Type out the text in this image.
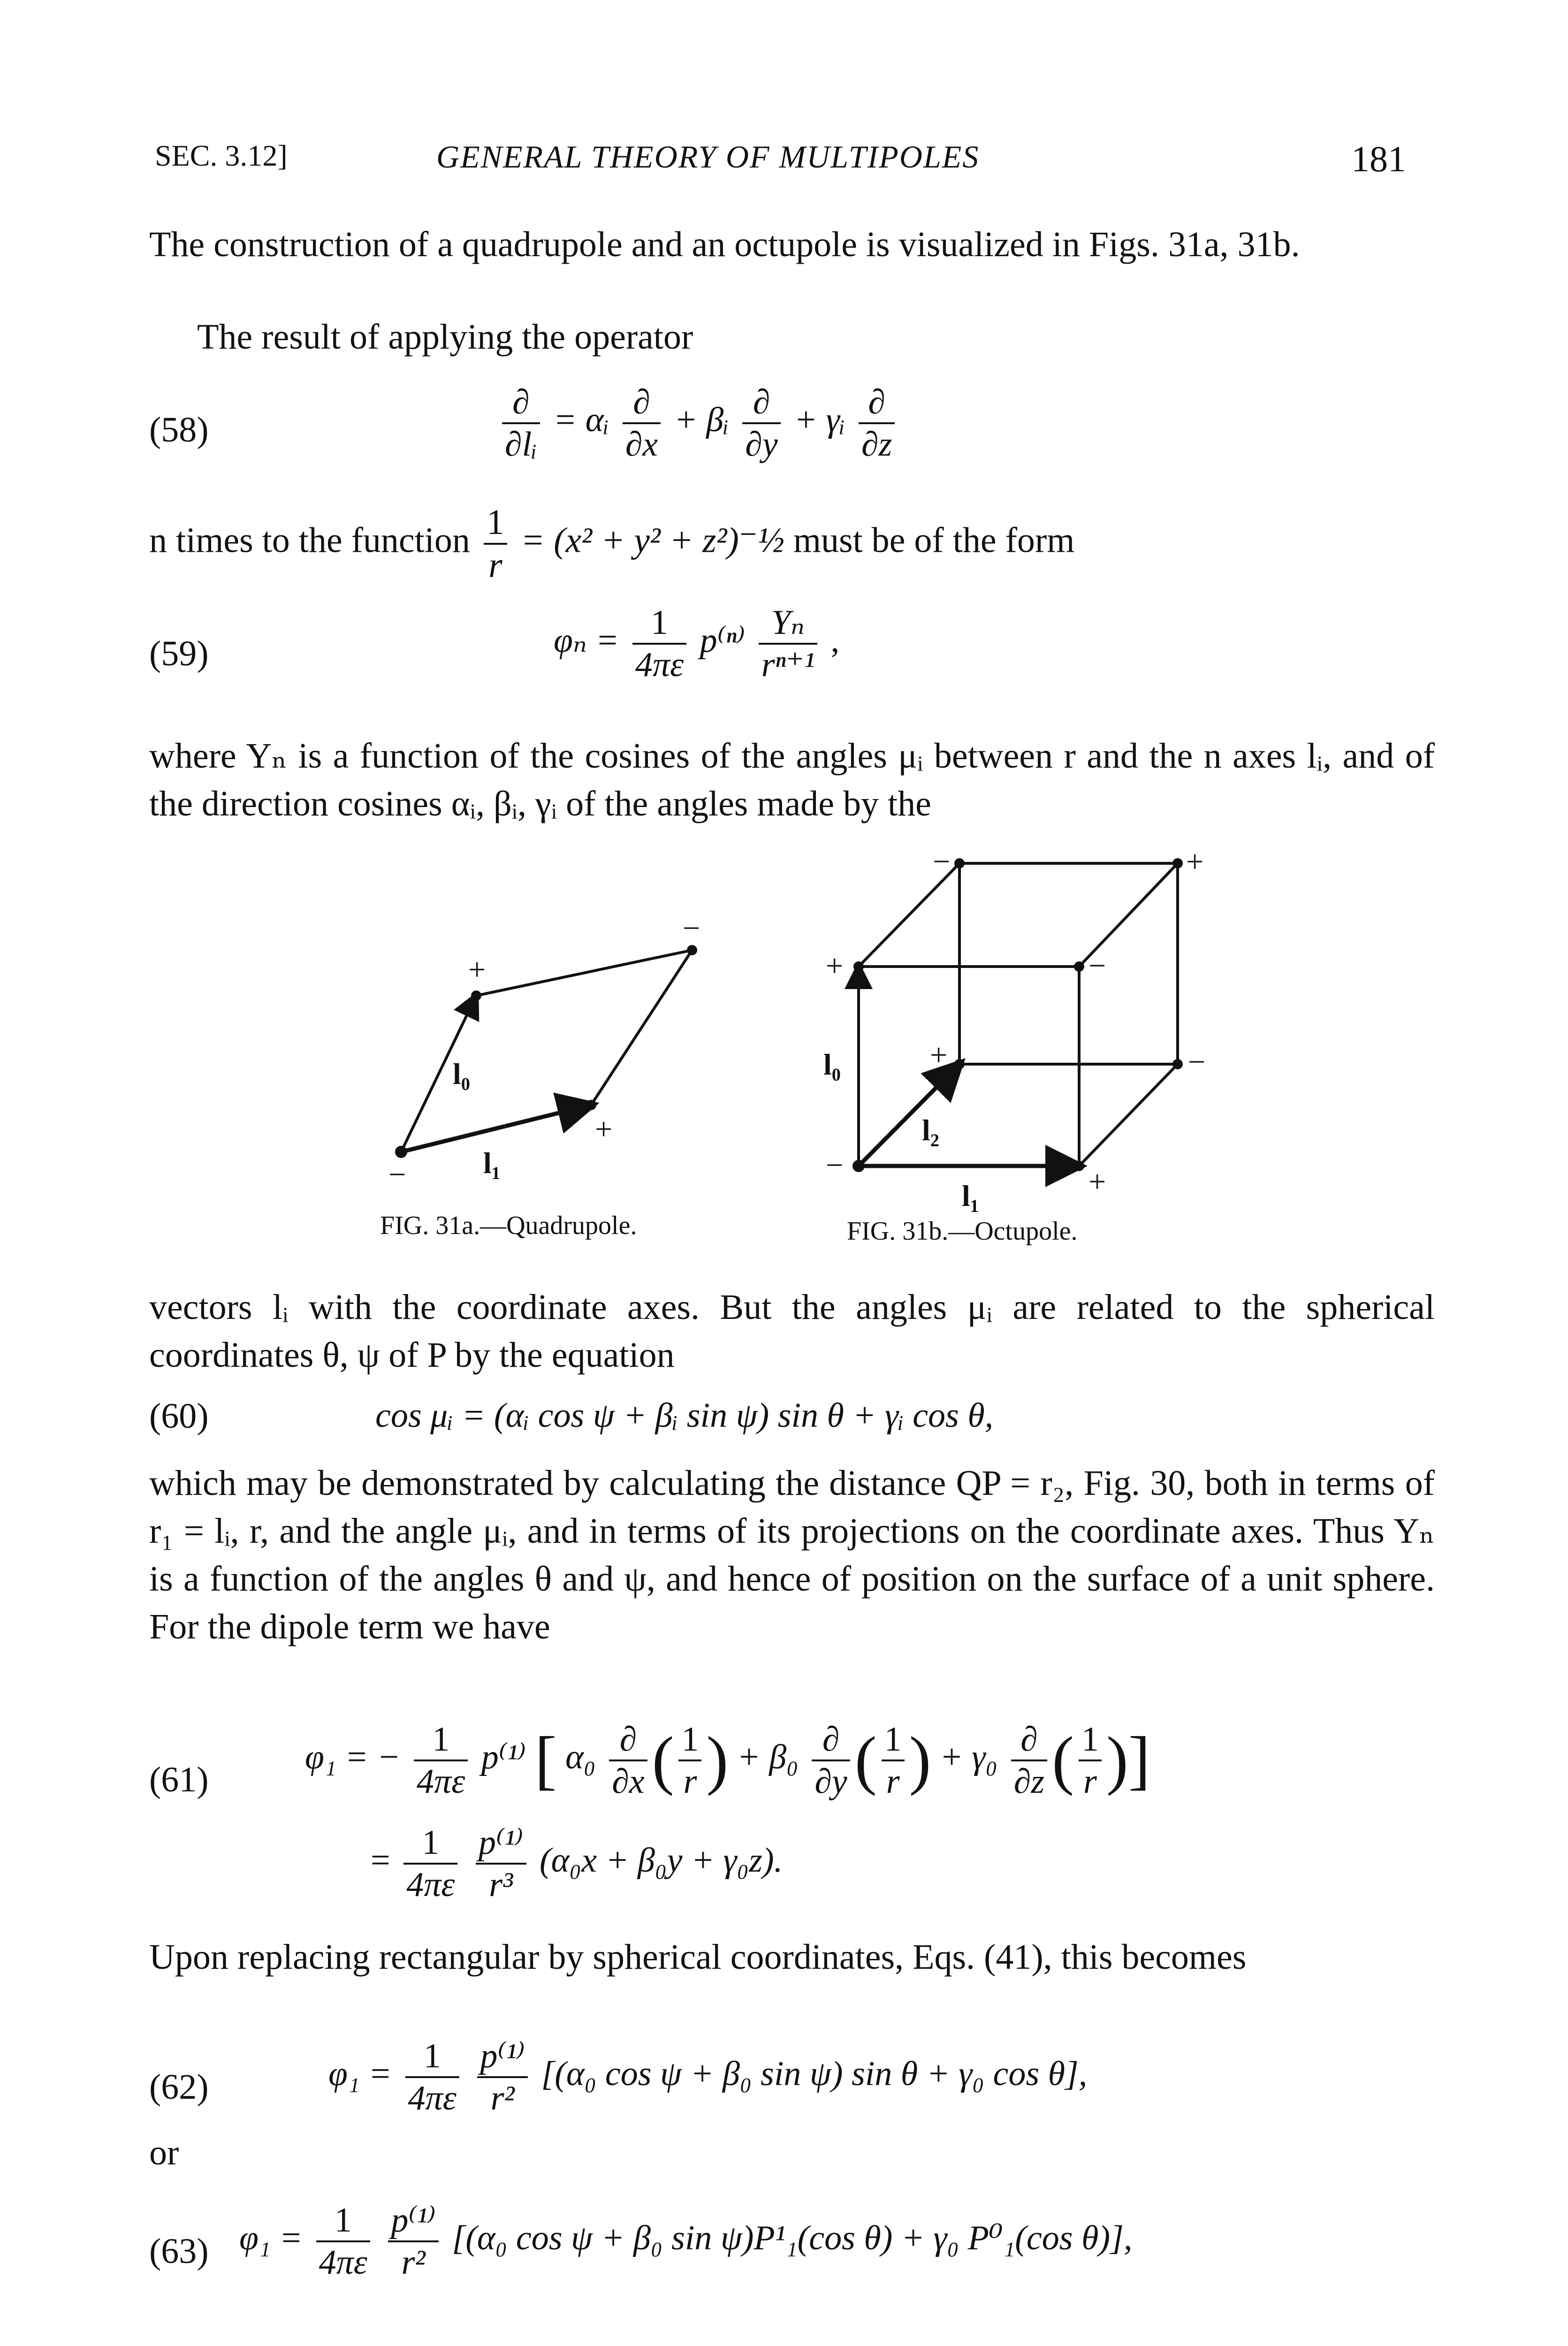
SEC. 3.12]	GENERAL THEORY OF MULTIPOLES	181
The construction of a quadrupole and an octupole is visualized in Figs. 31a, 31b.
The result of applying the operator
(58)	$\frac{\partial}{\text{∂lᵢ}}$ = αᵢ $\frac{\partial}{\partial x}$ + βᵢ $\frac{\partial}{\partial y}$ + γᵢ $\frac{\partial}{\partial z}$
n times to the function $\frac{1}{r} = (x^2 + y^2$ + z²)⁻½ must be of the form
(59)	$\varphi_n = \frac{1}{4\pi\varepsilon} p^{(n)} \frac{\text{Yₙ}}{\text{rⁿ⁺¹}}$ ,
where Yₙ is a function of the cosines of the angles μᵢ between r and the n axes lᵢ, and of the direction cosines αᵢ, βᵢ, γᵢ of the angles made by the
+
−
+
−
l₀
l₁
FIG. 31a.—Quadrupole.
−	+
+	−
+	−
−	+
l₀
l₂
l₁
FIG. 31b.—Octupole.
vectors lᵢ with the coordinate axes. But the angles μᵢ are related to the spherical coordinates θ, ψ of P by the equation
(60)	cos μᵢ = (αᵢ cos ψ + βᵢ sin ψ) sin θ + γᵢ cos θ,
which may be demonstrated by calculating the distance QP = r₂, Fig. 30, both in terms of r₁ = lᵢ, r, and the angle μᵢ, and in terms of its projections on the coordinate axes. Thus Yₙ is a function of the angles θ and ψ, and hence of position on the surface of a unit sphere. For the dipole term we have
(61)
φ₁ = − $\frac{1}{4\pi\varepsilon} p^{(1)}$ [ $\alpha_0 \frac{\partial}{\partial x}$ ( $\frac{1}{r}$ ) + $\beta_0 \frac{\partial}{\partial y}$ ( $\frac{1}{r}$ ) + $\gamma_0 \frac{\partial}{\partial z}$ ( $\frac{1}{r}$ )]
= $\frac{1}{4\pi\varepsilon}$
$\frac{\text{p⁽¹⁾}}{\text{r³}} (\alpha_0x + \beta_0y + \gamma_0z)$.
Upon replacing rectangular by spherical coordinates, Eqs. (41), this becomes
(62)	$\varphi_1 = \frac{1}{4\pi\varepsilon}$
$\frac{\text{p⁽¹⁾}}{\text{r²}} [(\alpha_0$ cos ψ + β₀ sin ψ) sin θ + γ₀ cos θ],
or
(63) $\varphi_1 = \frac{1}{4\pi\varepsilon}$
$\frac{\text{p⁽¹⁾}}{\text{r²}} [(\alpha_0$ cos ψ + β₀ sin ψ)P¹₁(cos θ) + γ₀ P⁰₁(cos θ)],
